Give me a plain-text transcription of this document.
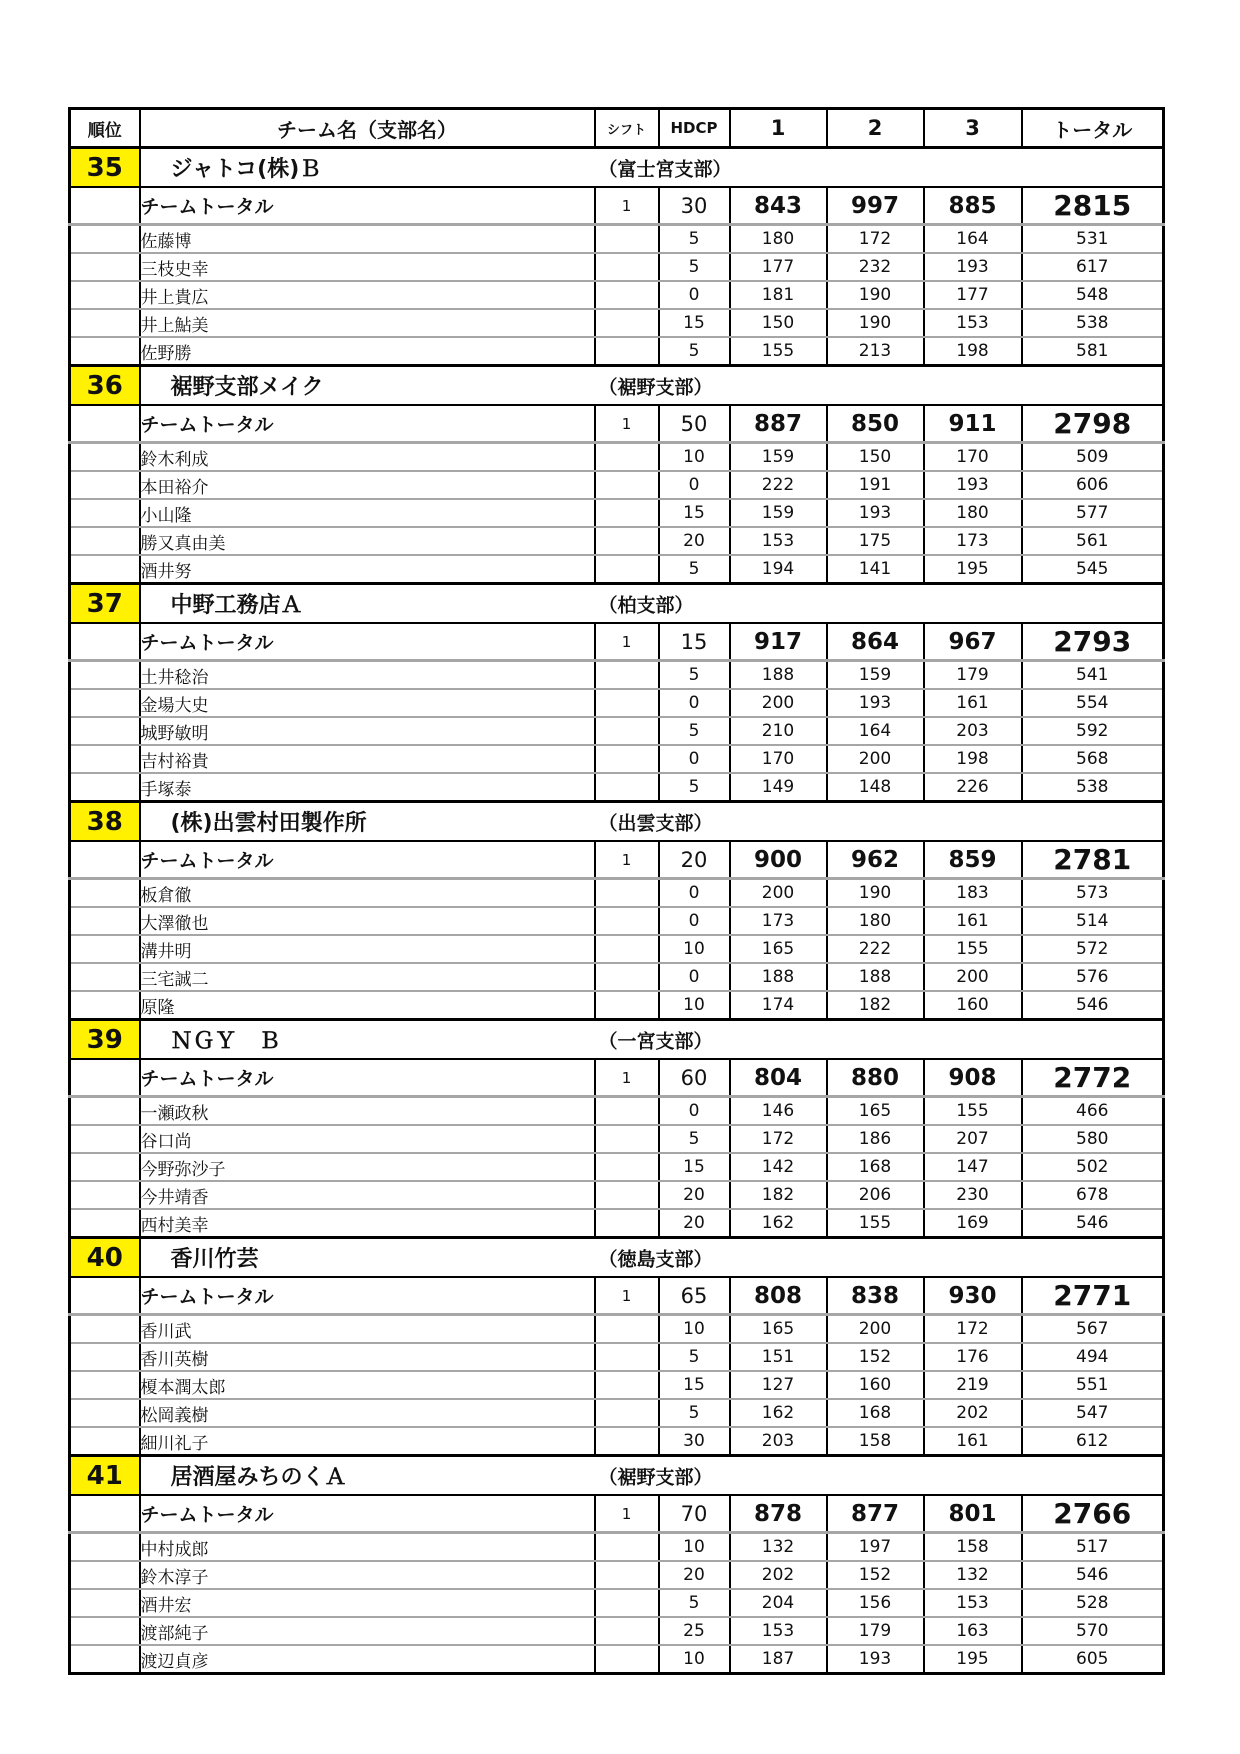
順位	チーム名（支部名）	シフト	HDCP	1	2	3	トータル
35	ジャトコ(株)Ｂ （富士宮支部）						

	チームトータル	1	30	843	997	885	2815
	佐藤博		5	180	172	164	531
	三枝史幸		5	177	232	193	617
	井上貴広		0	181	190	177	548
	井上鮎美		15	150	190	153	538
	佐野勝		5	155	213	198	581
36	裾野支部メイク （裾野支部）						

	チームトータル	1	50	887	850	911	2798
	鈴木利成		10	159	150	170	509
	本田裕介		0	222	191	193	606
	小山隆		15	159	193	180	577
	勝又真由美		20	153	175	173	561
	酒井努		5	194	141	195	545
37	中野工務店Ａ （柏支部）						

	チームトータル	1	15	917	864	967	2793
	土井稔治		5	188	159	179	541
	金場大史		0	200	193	161	554
	城野敏明		5	210	164	203	592
	吉村裕貴		0	170	200	198	568
	手塚泰		5	149	148	226	538
38	(株)出雲村田製作所 （出雲支部）						

	チームトータル	1	20	900	962	859	2781
	板倉徹		0	200	190	183	573
	大澤徹也		0	173	180	161	514
	溝井明		10	165	222	155	572
	三宅誠二		0	188	188	200	576
	原隆		10	174	182	160	546
39	ＮＧＹ　Ｂ （一宮支部）						

	チームトータル	1	60	804	880	908	2772
	一瀬政秋		0	146	165	155	466
	谷口尚		5	172	186	207	580
	今野弥沙子		15	142	168	147	502
	今井靖香		20	182	206	230	678
	西村美幸		20	162	155	169	546
40	香川竹芸 （徳島支部）						

	チームトータル	1	65	808	838	930	2771
	香川武		10	165	200	172	567
	香川英樹		5	151	152	176	494
	榎本潤太郎		15	127	160	219	551
	松岡義樹		5	162	168	202	547
	細川礼子		30	203	158	161	612
41	居酒屋みちのくＡ （裾野支部）						

	チームトータル	1	70	878	877	801	2766
	中村成郎		10	132	197	158	517
	鈴木淳子		20	202	152	132	546
	酒井宏		5	204	156	153	528
	渡部純子		25	153	179	163	570
	渡辺貞彦		10	187	193	195	605
